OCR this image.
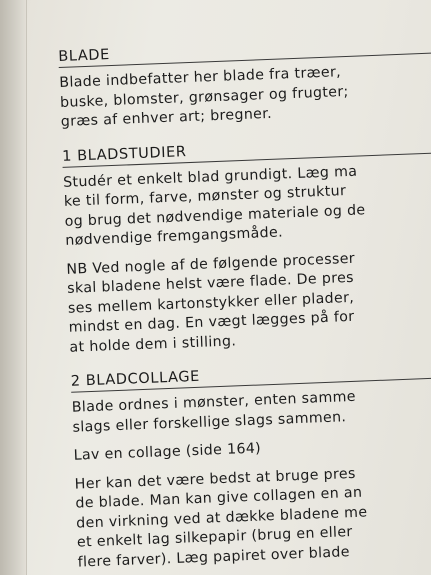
BLADE
Blade indbefatter her blade fra træer,
buske, blomster, grønsager og frugter;
græs af enhver art; bregner.
1 BLADSTUDIER
Studér et enkelt blad grundigt. Læg ma
ke til form, farve, mønster og struktur
og brug det nødvendige materiale og de
nødvendige fremgangsmåde.
NB Ved nogle af de følgende processer
skal bladene helst være flade. De pres
ses mellem kartonstykker eller plader,
mindst en dag. En vægt lægges på for
at holde dem i stilling.
2 BLADCOLLAGE
Blade ordnes i mønster, enten samme
slags eller forskellige slags sammen.
Lav en collage (side 164)
Her kan det være bedst at bruge pres
de blade. Man kan give collagen en an
den virkning ved at dække bladene me
et enkelt lag silkepapir (brug en eller
flere farver). Læg papiret over blade
